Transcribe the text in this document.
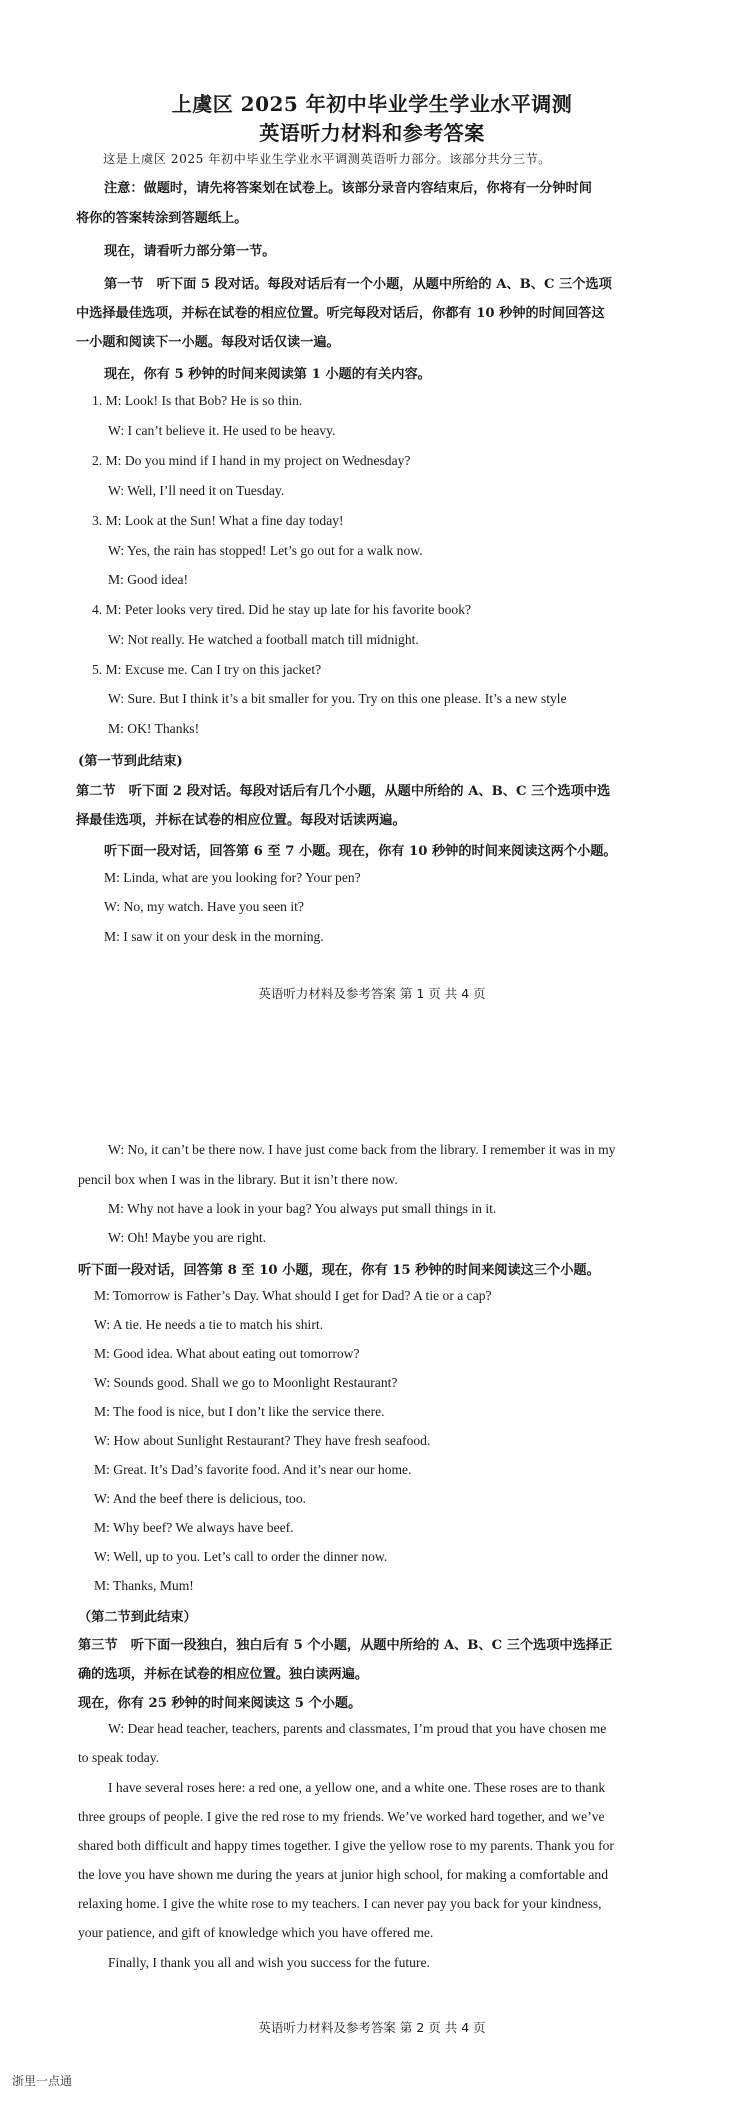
上虞区 2025 年初中毕业学生学业水平调测
英语听力材料和参考答案
这是上虞区 2025 年初中毕业生学业水平调测英语听力部分。该部分共分三节。
注意：做题时，请先将答案划在试卷上。该部分录音内容结束后，你将有一分钟时间
将你的答案转涂到答题纸上。
现在，请看听力部分第一节。
第一节　听下面 5 段对话。每段对话后有一个小题，从题中所给的 A、B、C 三个选项
中选择最佳选项，并标在试卷的相应位置。听完每段对话后，你都有 10 秒钟的时间回答这
一小题和阅读下一小题。每段对话仅读一遍。
现在，你有 5 秒钟的时间来阅读第 1 小题的有关内容。
1. M: Look! Is that Bob? He is so thin.
W: I can’t believe it. He used to be heavy.
2. M: Do you mind if I hand in my project on Wednesday?
W: Well, I’ll need it on Tuesday.
3. M: Look at the Sun! What a fine day today!
W: Yes, the rain has stopped! Let’s go out for a walk now.
M: Good idea!
4. M: Peter looks very tired. Did he stay up late for his favorite book?
W: Not really. He watched a football match till midnight.
5. M: Excuse me. Can I try on this jacket?
W: Sure. But I think it’s a bit smaller for you. Try on this one please. It’s a new style
M: OK! Thanks!
(第一节到此结束)
第二节　听下面 2 段对话。每段对话后有几个小题，从题中所给的 A、B、C 三个选项中选
择最佳选项，并标在试卷的相应位置。每段对话读两遍。
听下面一段对话，回答第 6 至 7 小题。现在，你有 10 秒钟的时间来阅读这两个小题。
M: Linda, what are you looking for? Your pen?
W: No, my watch. Have you seen it?
M: I saw it on your desk in the morning.
英语听力材料及参考答案 第 1 页 共 4 页
W: No, it can’t be there now. I have just come back from the library. I remember it was in my
pencil box when I was in the library. But it isn’t there now.
M: Why not have a look in your bag? You always put small things in it.
W: Oh! Maybe you are right.
听下面一段对话，回答第 8 至 10 小题，现在，你有 15 秒钟的时间来阅读这三个小题。
M: Tomorrow is Father’s Day. What should I get for Dad? A tie or a cap?
W: A tie. He needs a tie to match his shirt.
M: Good idea. What about eating out tomorrow?
W: Sounds good. Shall we go to Moonlight Restaurant?
M: The food is nice, but I don’t like the service there.
W: How about Sunlight Restaurant? They have fresh seafood.
M: Great. It’s Dad’s favorite food. And it’s near our home.
W: And the beef there is delicious, too.
M: Why beef? We always have beef.
W: Well, up to you. Let’s call to order the dinner now.
M: Thanks, Mum!
（第二节到此结束）
第三节　听下面一段独白，独白后有 5 个小题，从题中所给的 A、B、C 三个选项中选择正
确的选项，并标在试卷的相应位置。独白读两遍。
现在，你有 25 秒钟的时间来阅读这 5 个小题。
W: Dear head teacher, teachers, parents and classmates, I’m proud that you have chosen me
to speak today.
I have several roses here: a red one, a yellow one, and a white one. These roses are to thank
three groups of people. I give the red rose to my friends. We’ve worked hard together, and we’ve
shared both difficult and happy times together. I give the yellow rose to my parents. Thank you for
the love you have shown me during the years at junior high school, for making a comfortable and
relaxing home. I give the white rose to my teachers. I can never pay you back for your kindness,
your patience, and gift of knowledge which you have offered me.
Finally, I thank you all and wish you success for the future.
英语听力材料及参考答案 第 2 页 共 4 页
浙里一点通
